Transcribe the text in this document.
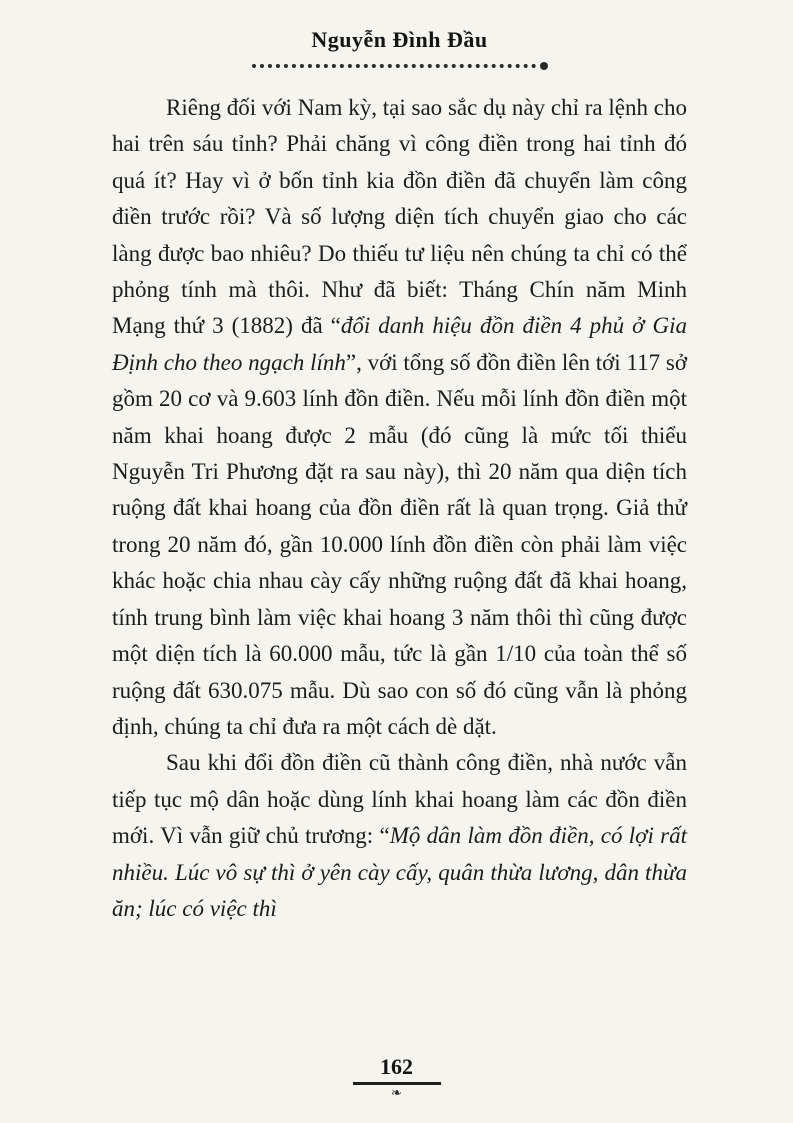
Nguyễn Đình Đầu

Riêng đối với Nam kỳ, tại sao sắc dụ này chỉ ra lệnh cho hai trên sáu tỉnh? Phải chăng vì công điền trong hai tỉnh đó quá ít? Hay vì ở bốn tỉnh kia đồn điền đã chuyển làm công điền trước rồi? Và số lượng diện tích chuyển giao cho các làng được bao nhiêu? Do thiếu tư liệu nên chúng ta chỉ có thể phỏng tính mà thôi. Như đã biết: Tháng Chín năm Minh Mạng thứ 3 (1882) đã “đổi danh hiệu đồn điền 4 phủ ở Gia Định cho theo ngạch lính”, với tổng số đồn điền lên tới 117 sở gồm 20 cơ và 9.603 lính đồn điền. Nếu mỗi lính đồn điền một năm khai hoang được 2 mẫu (đó cũng là mức tối thiểu Nguyễn Tri Phương đặt ra sau này), thì 20 năm qua diện tích ruộng đất khai hoang của đồn điền rất là quan trọng. Giả thử trong 20 năm đó, gần 10.000 lính đồn điền còn phải làm việc khác hoặc chia nhau cày cấy những ruộng đất đã khai hoang, tính trung bình làm việc khai hoang 3 năm thôi thì cũng được một diện tích là 60.000 mẫu, tức là gần 1/10 của toàn thể số ruộng đất 630.075 mẫu. Dù sao con số đó cũng vẫn là phỏng định, chúng ta chỉ đưa ra một cách dè dặt.

Sau khi đổi đồn điền cũ thành công điền, nhà nước vẫn tiếp tục mộ dân hoặc dùng lính khai hoang làm các đồn điền mới. Vì vẫn giữ chủ trương: “Mộ dân làm đồn điền, có lợi rất nhiều. Lúc vô sự thì ở yên cày cấy, quân thừa lương, dân thừa ăn; lúc có việc thì

162
❧
